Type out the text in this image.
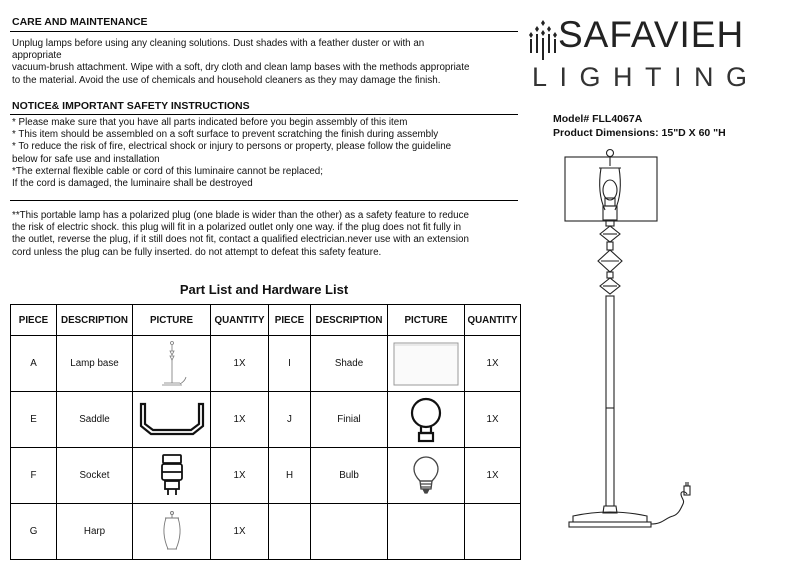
CARE AND MAINTENANCE
Unplug lamps before using any cleaning solutions. Dust shades with a feather duster or with an
appropriate
vacuum-brush attachment. Wipe with a soft, dry cloth and clean lamp bases with the methods appropriate
to the material. Avoid the use of chemicals and household cleaners as they may damage the finish.
NOTICE& IMPORTANT SAFETY INSTRUCTIONS
* Please make sure that you have all parts indicated before you begin assembly of this item
* This item should be assembled on a soft surface to prevent scratching the finish during assembly
* To reduce the risk of fire, electrical shock or injury to persons or property, please follow the guideline
below for safe use and installation
*The external flexible cable or cord of this luminaire cannot be replaced;
If the cord is damaged, the luminaire shall be destroyed
**This portable lamp has a polarized plug (one blade is wider than the other) as a safety feature to reduce
the risk of electric shock. this plug will fit in a polarized outlet only one way. if the plug does not fit fully in
the outlet, reverse the plug, if it still does not fit, contact a qualified electrician.never use with an extension
cord unless the plug can be fully inserted. do not attempt to defeat this safety feature.
SAFAVIEH
LIGHTING
Model# FLL4067A
Product Dimensions: 15"D X 60 "H
Part List and Hardware List
PIECE	DESCRIPTION	PICTURE	QUANTITY	PIECE	DESCRIPTION	PICTURE	QUANTITY
A	Lamp base		1X	I	Shade		1X
E	Saddle		1X	J	Finial		1X
F	Socket		1X	H	Bulb		1X
G	Harp		1X				
